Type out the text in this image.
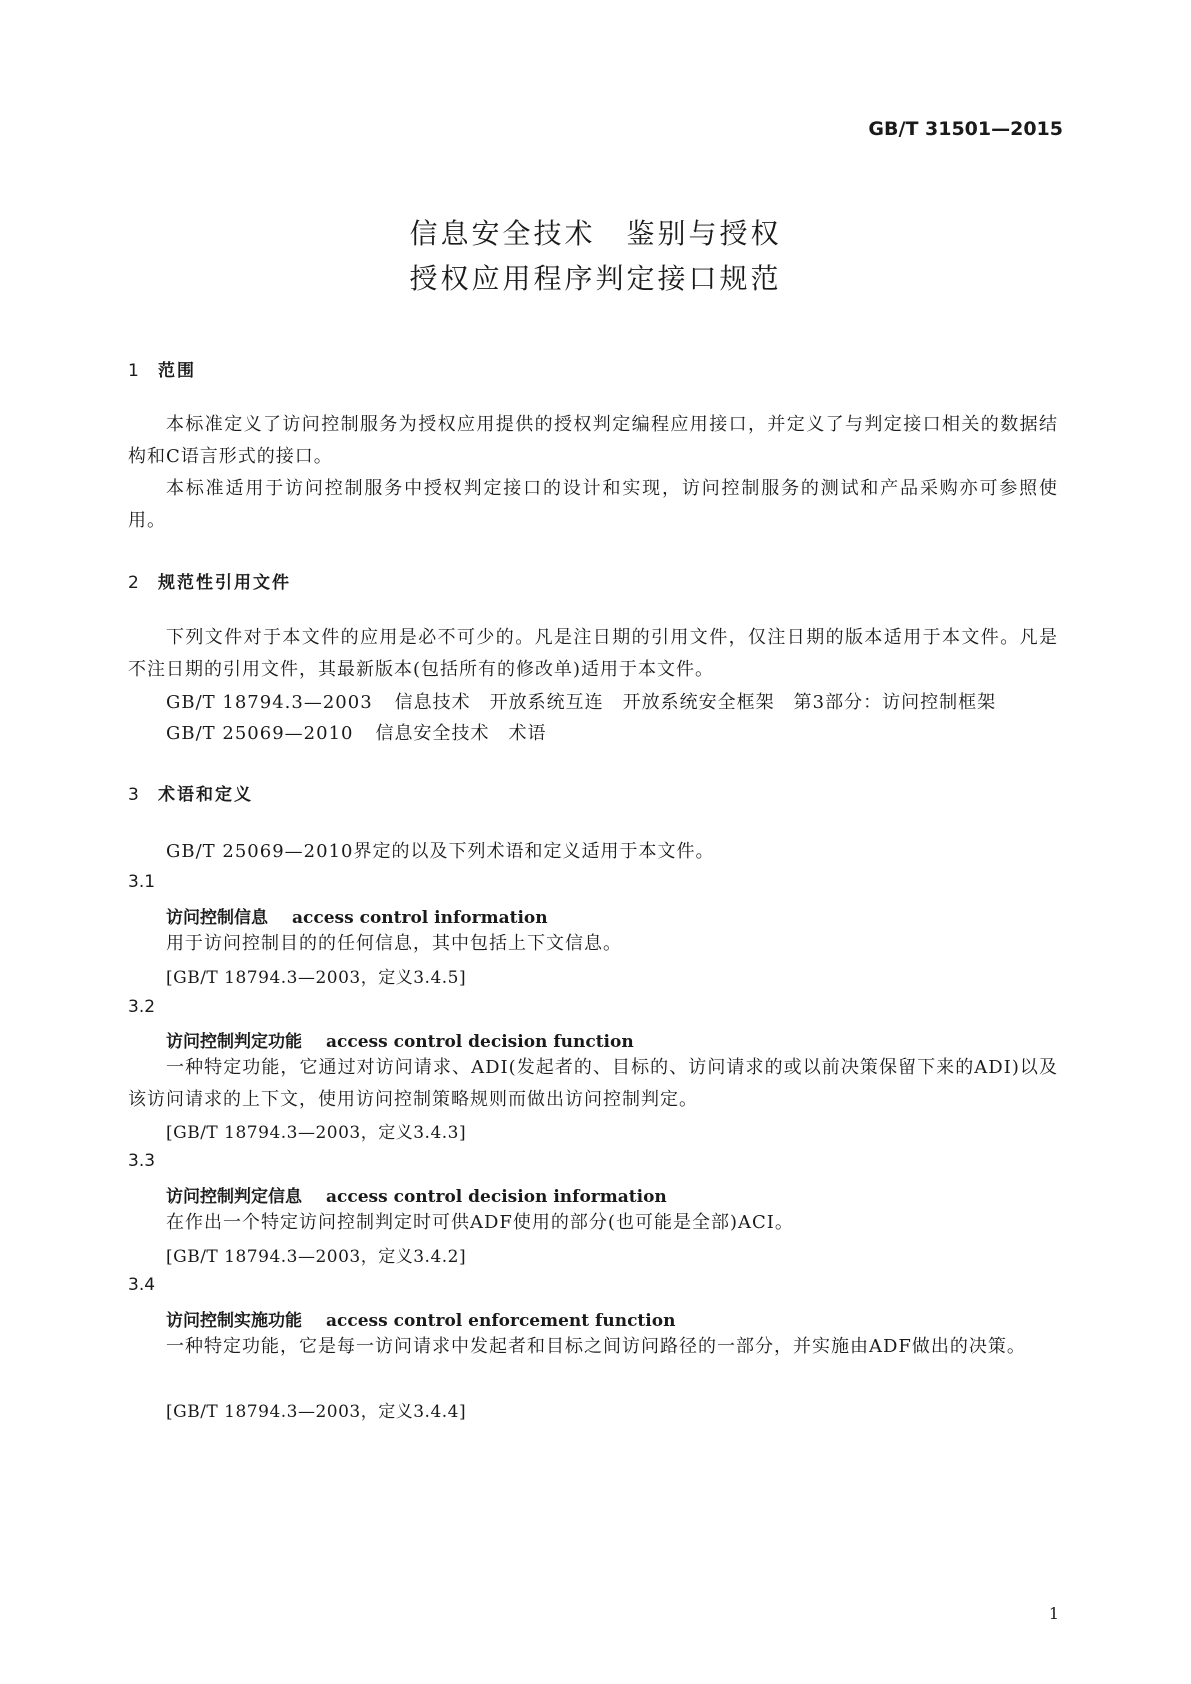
GB/T 31501—2015
信息安全技术　鉴别与授权
授权应用程序判定接口规范
1 范围
本标准定义了访问控制服务为授权应用提供的授权判定编程应用接口，并定义了与判定接口相关的数据结构和C语言形式的接口。
本标准适用于访问控制服务中授权判定接口的设计和实现，访问控制服务的测试和产品采购亦可参照使用。
2 规范性引用文件
下列文件对于本文件的应用是必不可少的。凡是注日期的引用文件，仅注日期的版本适用于本文件。凡是不注日期的引用文件，其最新版本(包括所有的修改单)适用于本文件。
GB/T 18794.3—2003 信息技术　开放系统互连　开放系统安全框架　第3部分：访问控制框架
GB/T 25069—2010 信息安全技术　术语
3 术语和定义
GB/T 25069—2010界定的以及下列术语和定义适用于本文件。
3.1
访问控制信息 access control information
用于访问控制目的的任何信息，其中包括上下文信息。
[GB/T 18794.3—2003，定义3.4.5]
3.2
访问控制判定功能 access control decision function
一种特定功能，它通过对访问请求、ADI(发起者的、目标的、访问请求的或以前决策保留下来的ADI)以及该访问请求的上下文，使用访问控制策略规则而做出访问控制判定。
[GB/T 18794.3—2003，定义3.4.3]
3.3
访问控制判定信息 access control decision information
在作出一个特定访问控制判定时可供ADF使用的部分(也可能是全部)ACI。
[GB/T 18794.3—2003，定义3.4.2]
3.4
访问控制实施功能 access control enforcement function
一种特定功能，它是每一访问请求中发起者和目标之间访问路径的一部分，并实施由ADF做出的决策。
[GB/T 18794.3—2003，定义3.4.4]
1
